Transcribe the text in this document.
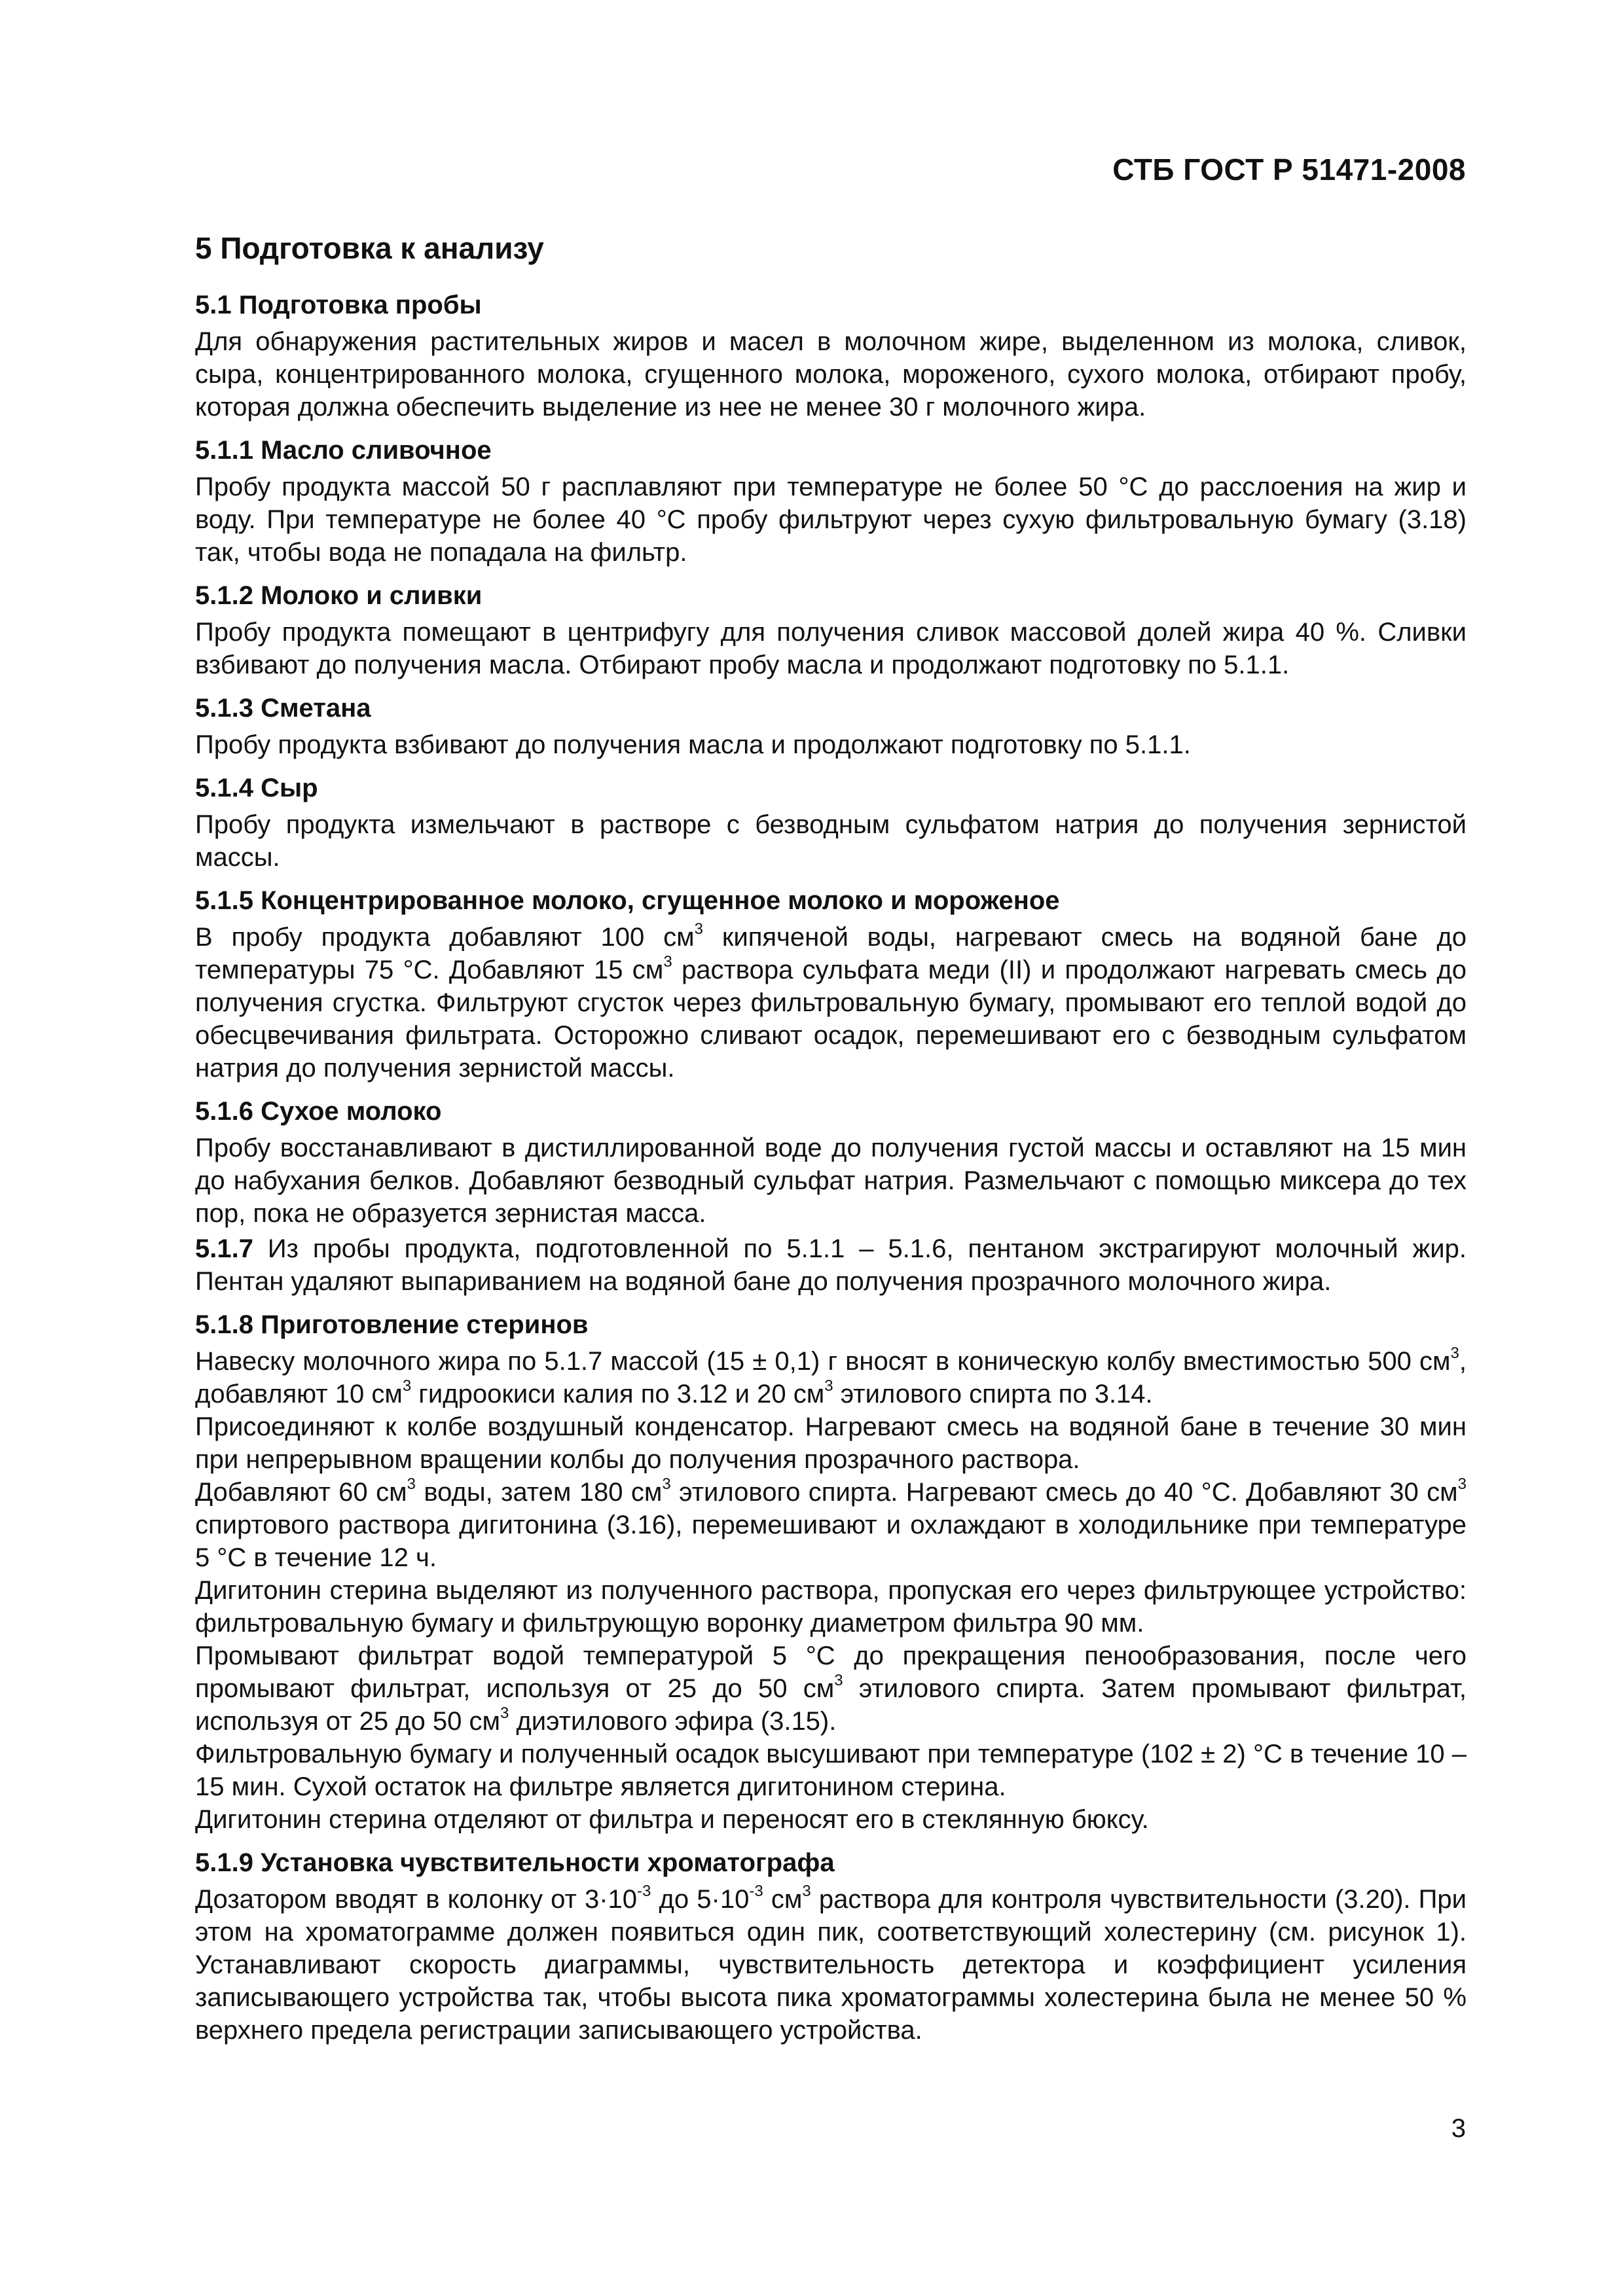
СТБ ГОСТ Р 51471-2008
5 Подготовка к анализу
5.1 Подготовка пробы

Для обнаружения растительных жиров и масел в молочном жире, выделенном из молока, сливок, сыра, концентрированного молока, сгущенного молока, мороженого, сухого молока, отбирают пробу, которая должна обеспечить выделение из нее не менее 30 г молочного жира.

5.1.1 Масло сливочное

Пробу продукта массой 50 г расплавляют при температуре не более 50 °С до расслоения на жир и воду. При температуре не более 40 °С пробу фильтруют через сухую фильтровальную бумагу (3.18) так, чтобы вода не попадала на фильтр.

5.1.2 Молоко и сливки

Пробу продукта помещают в центрифугу для получения сливок массовой долей жира 40 %. Сливки взбивают до получения масла. Отбирают пробу масла и продолжают подготовку по 5.1.1.

5.1.3 Сметана

Пробу продукта взбивают до получения масла и продолжают подготовку по 5.1.1.

5.1.4 Сыр

Пробу продукта измельчают в растворе с безводным сульфатом натрия до получения зернистой массы.

5.1.5 Концентрированное молоко, сгущенное молоко и мороженое

В пробу продукта добавляют 100 $см^3$ кипяченой воды, нагревают смесь на водяной бане до температуры 75 °С. Добавляют 15 $см^3$ раствора сульфата меди (II) и продолжают нагревать смесь до получения сгустка. Фильтруют сгусток через фильтровальную бумагу, промывают его теплой водой до обесцвечивания фильтрата. Осторожно сливают осадок, перемешивают его с безводным сульфатом натрия до получения зернистой массы.

5.1.6 Сухое молоко

Пробу восстанавливают в дистиллированной воде до получения густой массы и оставляют на 15 мин до набухания белков. Добавляют безводный сульфат натрия. Размельчают с помощью миксера до тех пор, пока не образуется зернистая масса.

5.1.7 Из пробы продукта, подготовленной по 5.1.1 – 5.1.6, пентаном экстрагируют молочный жир. Пентан удаляют выпариванием на водяной бане до получения прозрачного молочного жира.

5.1.8 Приготовление стеринов

Навеску молочного жира по 5.1.7 массой (15 ± 0,1) г вносят в коническую колбу вместимостью 500 $см^3$, добавляют 10 $см^3$ гидроокиси калия по 3.12 и 20 $см^3$ этилового спирта по 3.14.

Присоединяют к колбе воздушный конденсатор. Нагревают смесь на водяной бане в течение 30 мин при непрерывном вращении колбы до получения прозрачного раствора.

Добавляют 60 $см^3$ воды, затем 180 $см^3$ этилового спирта. Нагревают смесь до 40 °С. Добавляют 30 $см^3$ спиртового раствора дигитонина (3.16), перемешивают и охлаждают в холодильнике при температуре 5 °С в течение 12 ч.

Дигитонин стерина выделяют из полученного раствора, пропуская его через фильтрующее устройство: фильтровальную бумагу и фильтрующую воронку диаметром фильтра 90 мм.

Промывают фильтрат водой температурой 5 °С до прекращения пенообразования, после чего промывают фильтрат, используя от 25 до 50 $см^3$ этилового спирта. Затем промывают фильтрат, используя от 25 до 50 $см^3$ диэтилового эфира (3.15).

Фильтровальную бумагу и полученный осадок высушивают при температуре (102 ± 2) °С в течение 10 – 15 мин. Сухой остаток на фильтре является дигитонином стерина.

Дигитонин стерина отделяют от фильтра и переносят его в стеклянную бюксу.

5.1.9 Установка чувствительности хроматографа

Дозатором вводят в колонку от $3\cdot 10^{-3}$ до $5\cdot 10^{-3}$ $см^3$ раствора для контроля чувствительности (3.20). При этом на хроматограмме должен появиться один пик, соответствующий холестерину (см. рисунок 1). Устанавливают скорость диаграммы, чувствительность детектора и коэффициент усиления записывающего устройства так, чтобы высота пика хроматограммы холестерина была не менее 50 % верхнего предела регистрации записывающего устройства.

3
